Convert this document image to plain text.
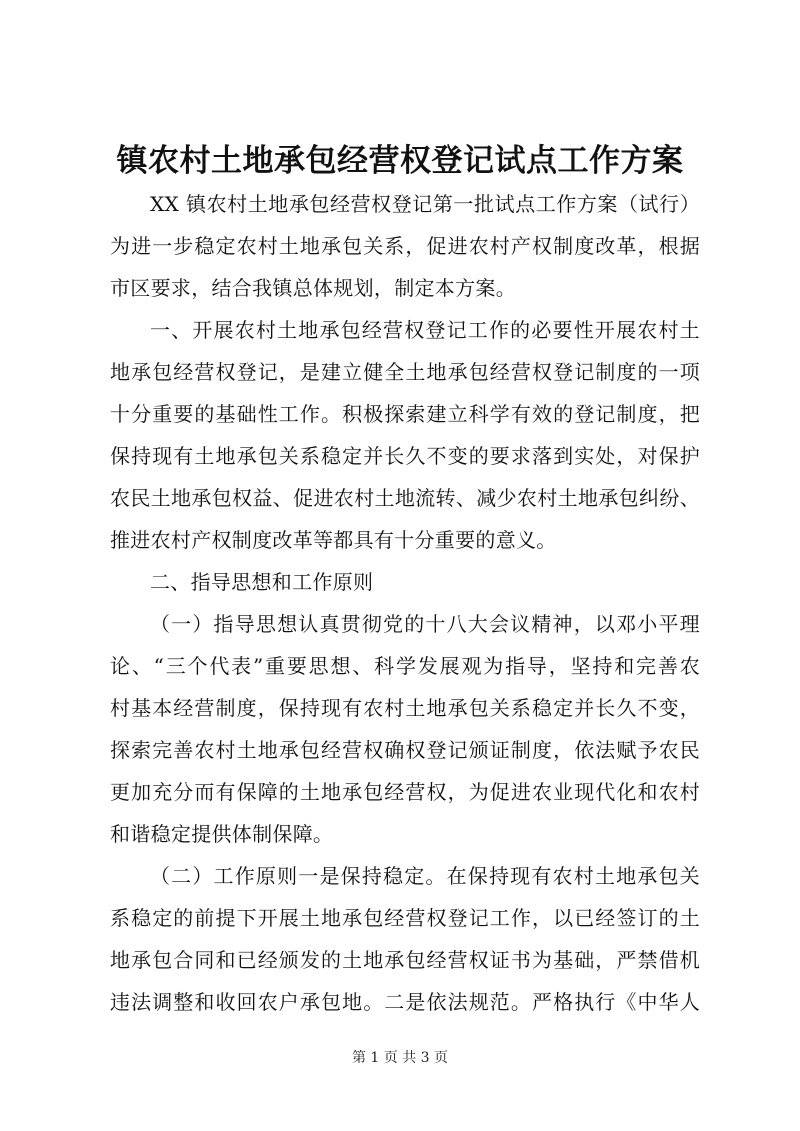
镇农村土地承包经营权登记试点工作方案
XX 镇农村土地承包经营权登记第一批试点工作方案（试行）
为进一步稳定农村土地承包关系，促进农村产权制度改革，根据
市区要求，结合我镇总体规划，制定本方案。
一、开展农村土地承包经营权登记工作的必要性开展农村土
地承包经营权登记，是建立健全土地承包经营权登记制度的一项
十分重要的基础性工作。积极探索建立科学有效的登记制度，把
保持现有土地承包关系稳定并长久不变的要求落到实处，对保护
农民土地承包权益、促进农村土地流转、减少农村土地承包纠纷、
推进农村产权制度改革等都具有十分重要的意义。
二、指导思想和工作原则
（一）指导思想认真贯彻党的十八大会议精神，以邓小平理
论、“三个代表”重要思想、科学发展观为指导，坚持和完善农
村基本经营制度，保持现有农村土地承包关系稳定并长久不变，
探索完善农村土地承包经营权确权登记颁证制度，依法赋予农民
更加充分而有保障的土地承包经营权，为促进农业现代化和农村
和谐稳定提供体制保障。
（二）工作原则一是保持稳定。在保持现有农村土地承包关
系稳定的前提下开展土地承包经营权登记工作，以已经签订的土
地承包合同和已经颁发的土地承包经营权证书为基础，严禁借机
违法调整和收回农户承包地。二是依法规范。严格执行《中华人
第 1 页 共 3 页
